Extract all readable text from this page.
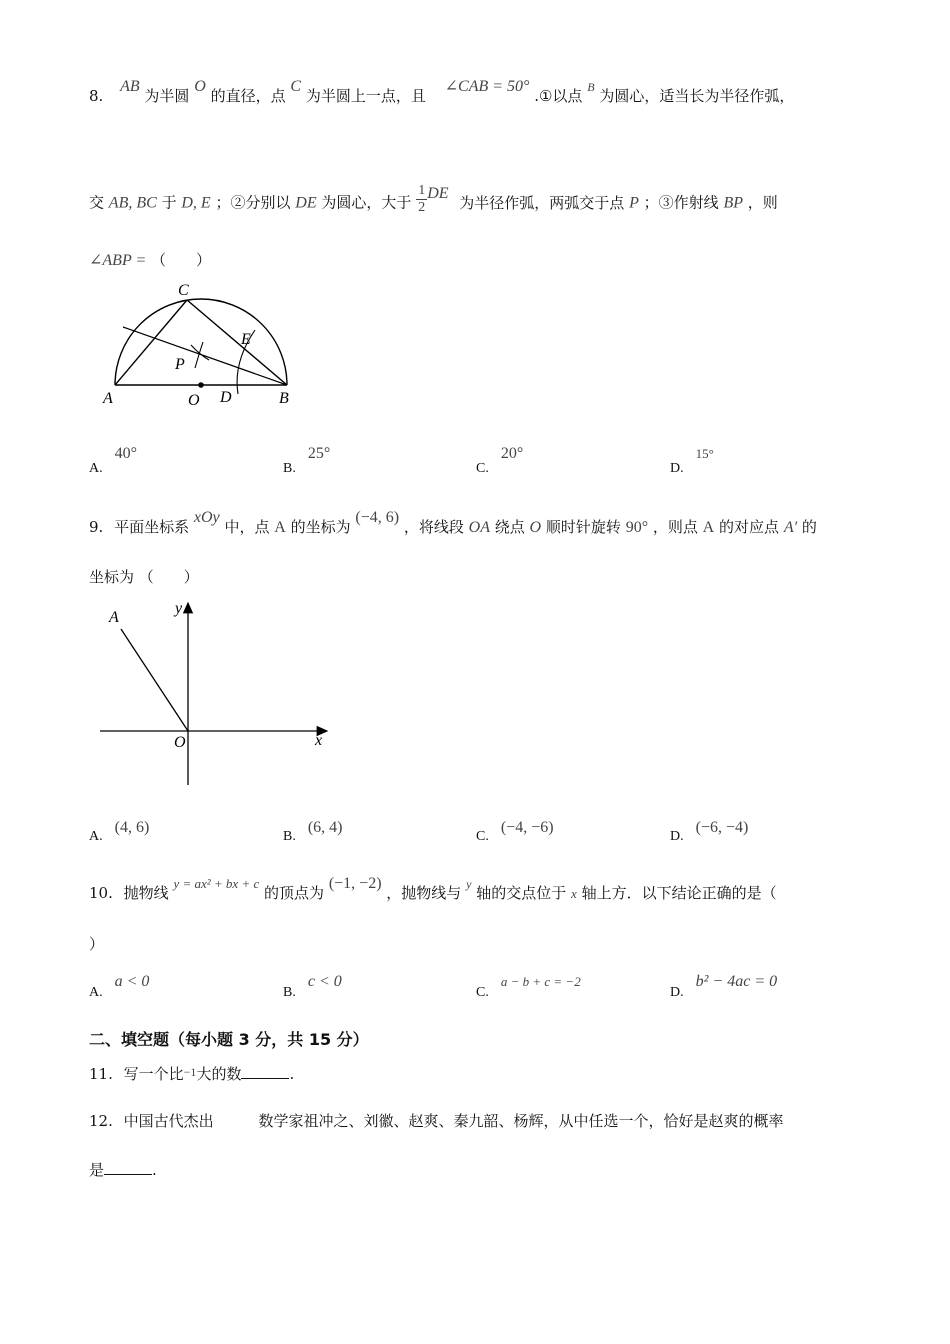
8. AB 为半圆 O 的直径，点 C 为半圆上一点，且 ∠CAB = 50° .①以点 $^B$ 为圆心，适当长为半径作弧，
交 AB, BC 于 D, E ；②分别以 DE 为圆心，大于 $\frac{1}{2}$ DE 为半径作弧，两弧交于点 P ；③作射线 BP ，则
∠ABP = （　　）
C
E
P
A	O D	B
A.40°
B.25°
C.20°
D.15°
9. 平面坐标系 xOy 中，点 A 的坐标为 (−4, 6) ，将线段 OA 绕点 O 顺时针旋转 90° ，则点 A 的对应点 A′ 的
坐标为 （　　）
A
y
O	x
A.(4, 6)
B.(6, 4)
C.(−4, −6)
D.(−6, −4)
10. 抛物线 y = ax² + bx + c 的顶点为 (−1, −2) ，抛物线与 $^y$ 轴的交点位于 x 轴上方．以下结论正确的是（
）
A.a < 0
B.c < 0
C.a − b + c = −2
D.b² − 4ac = 0
二、填空题（每小题 3 分，共 15 分）
11. 写一个比$^{-1}$大的数	.
12. 中国古代杰出	数学家祖冲之、刘徽、赵爽、秦九韶、杨辉，从中任选一个，恰好是赵爽的概率
是	.
